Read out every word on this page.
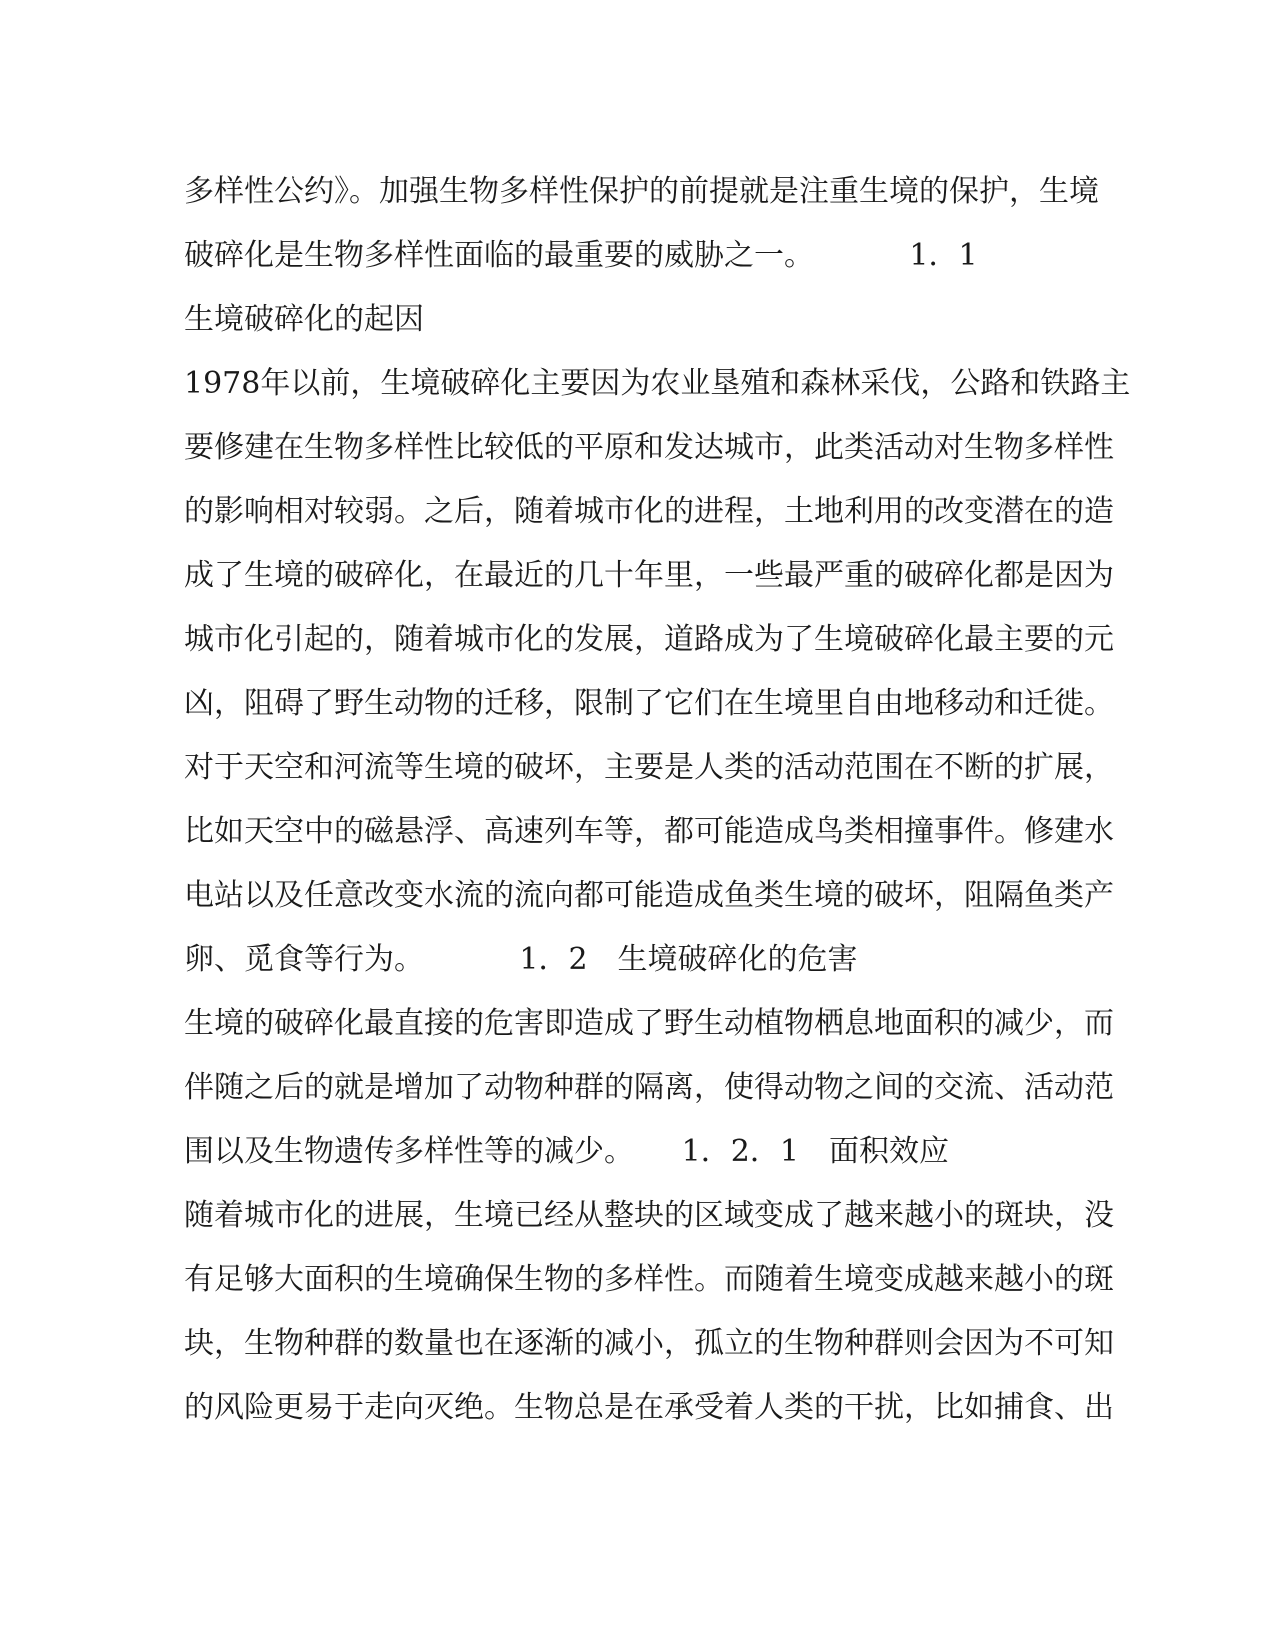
多样性公约》。加强生物多样性保护的前提就是注重生境的保护，生境
破碎化是生物多样性面临的最重要的威胁之一。          1．1
生境破碎化的起因
1978年以前，生境破碎化主要因为农业垦殖和森林采伐，公路和铁路主
要修建在生物多样性比较低的平原和发达城市，此类活动对生物多样性
的影响相对较弱。之后，随着城市化的进程，土地利用的改变潜在的造
成了生境的破碎化，在最近的几十年里，一些最严重的破碎化都是因为
城市化引起的，随着城市化的发展，道路成为了生境破碎化最主要的元
凶，阻碍了野生动物的迁移，限制了它们在生境里自由地移动和迁徙。
对于天空和河流等生境的破坏，主要是人类的活动范围在不断的扩展，
比如天空中的磁悬浮、高速列车等，都可能造成鸟类相撞事件。修建水
电站以及任意改变水流的流向都可能造成鱼类生境的破坏，阻隔鱼类产
卵、觅食等行为。          1．2　生境破碎化的危害
生境的破碎化最直接的危害即造成了野生动植物栖息地面积的减少，而
伴随之后的就是增加了动物种群的隔离，使得动物之间的交流、活动范
围以及生物遗传多样性等的减少。     1．2．1　面积效应
随着城市化的进展，生境已经从整块的区域变成了越来越小的斑块，没
有足够大面积的生境确保生物的多样性。而随着生境变成越来越小的斑
块，生物种群的数量也在逐渐的减小，孤立的生物种群则会因为不可知
的风险更易于走向灭绝。生物总是在承受着人类的干扰，比如捕食、出
